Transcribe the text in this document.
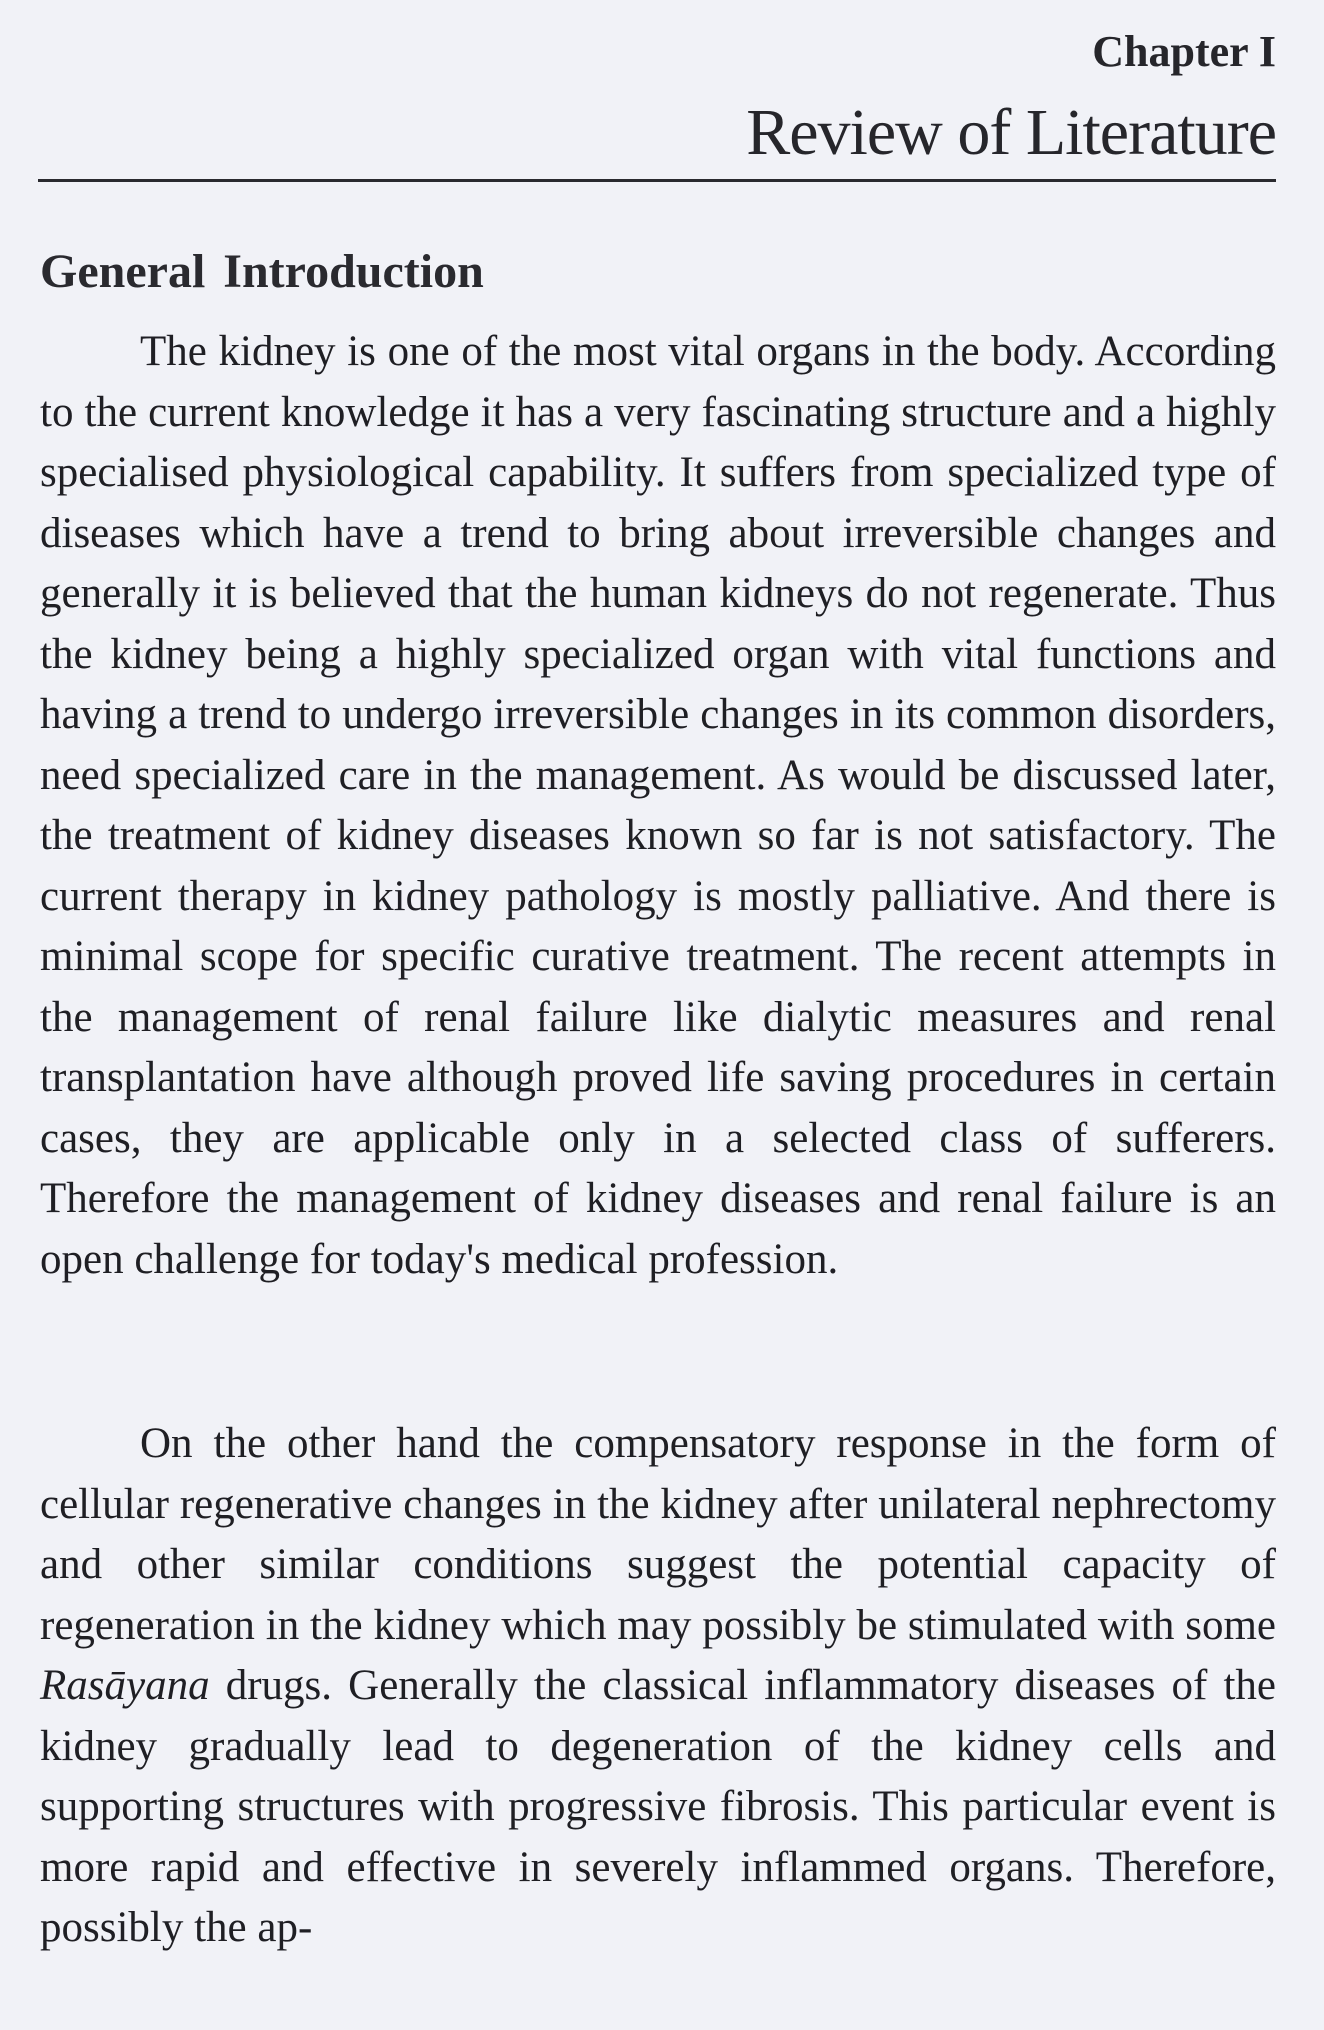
Chapter I
Review of Literature
General Introduction

The kidney is one of the most vital organs in the body. According to the current knowledge it has a very fascinating structure and a highly specialised physiological capability. It suffers from specialized type of diseases which have a trend to bring about irreversible changes and generally it is believed that the human kidneys do not regenerate. Thus the kidney being a highly specialized organ with vital functions and having a trend to undergo irreversible changes in its common disorders, need specialized care in the management. As would be discussed later, the treatment of kidney diseases known so far is not satisfactory. The current therapy in kidney pathology is mostly palliative. And there is minimal scope for specific curative treatment. The recent attempts in the management of renal failure like dialytic measures and renal transplantation have although proved life saving procedures in certain cases, they are applicable only in a selected class of sufferers. Therefore the management of kidney diseases and renal failure is an open challenge for today's medical profession.

On the other hand the compensatory response in the form of cellular regenerative changes in the kidney after unilateral nephrectomy and other similar conditions suggest the potential capacity of regeneration in the kidney which may possibly be stimulated with some Rasāyana drugs. Generally the classical inflammatory diseases of the kidney gradually lead to degeneration of the kidney cells and supporting structures with progressive fibrosis. This particular event is more rapid and effective in severely inflammed organs. Therefore, possibly the ap-
